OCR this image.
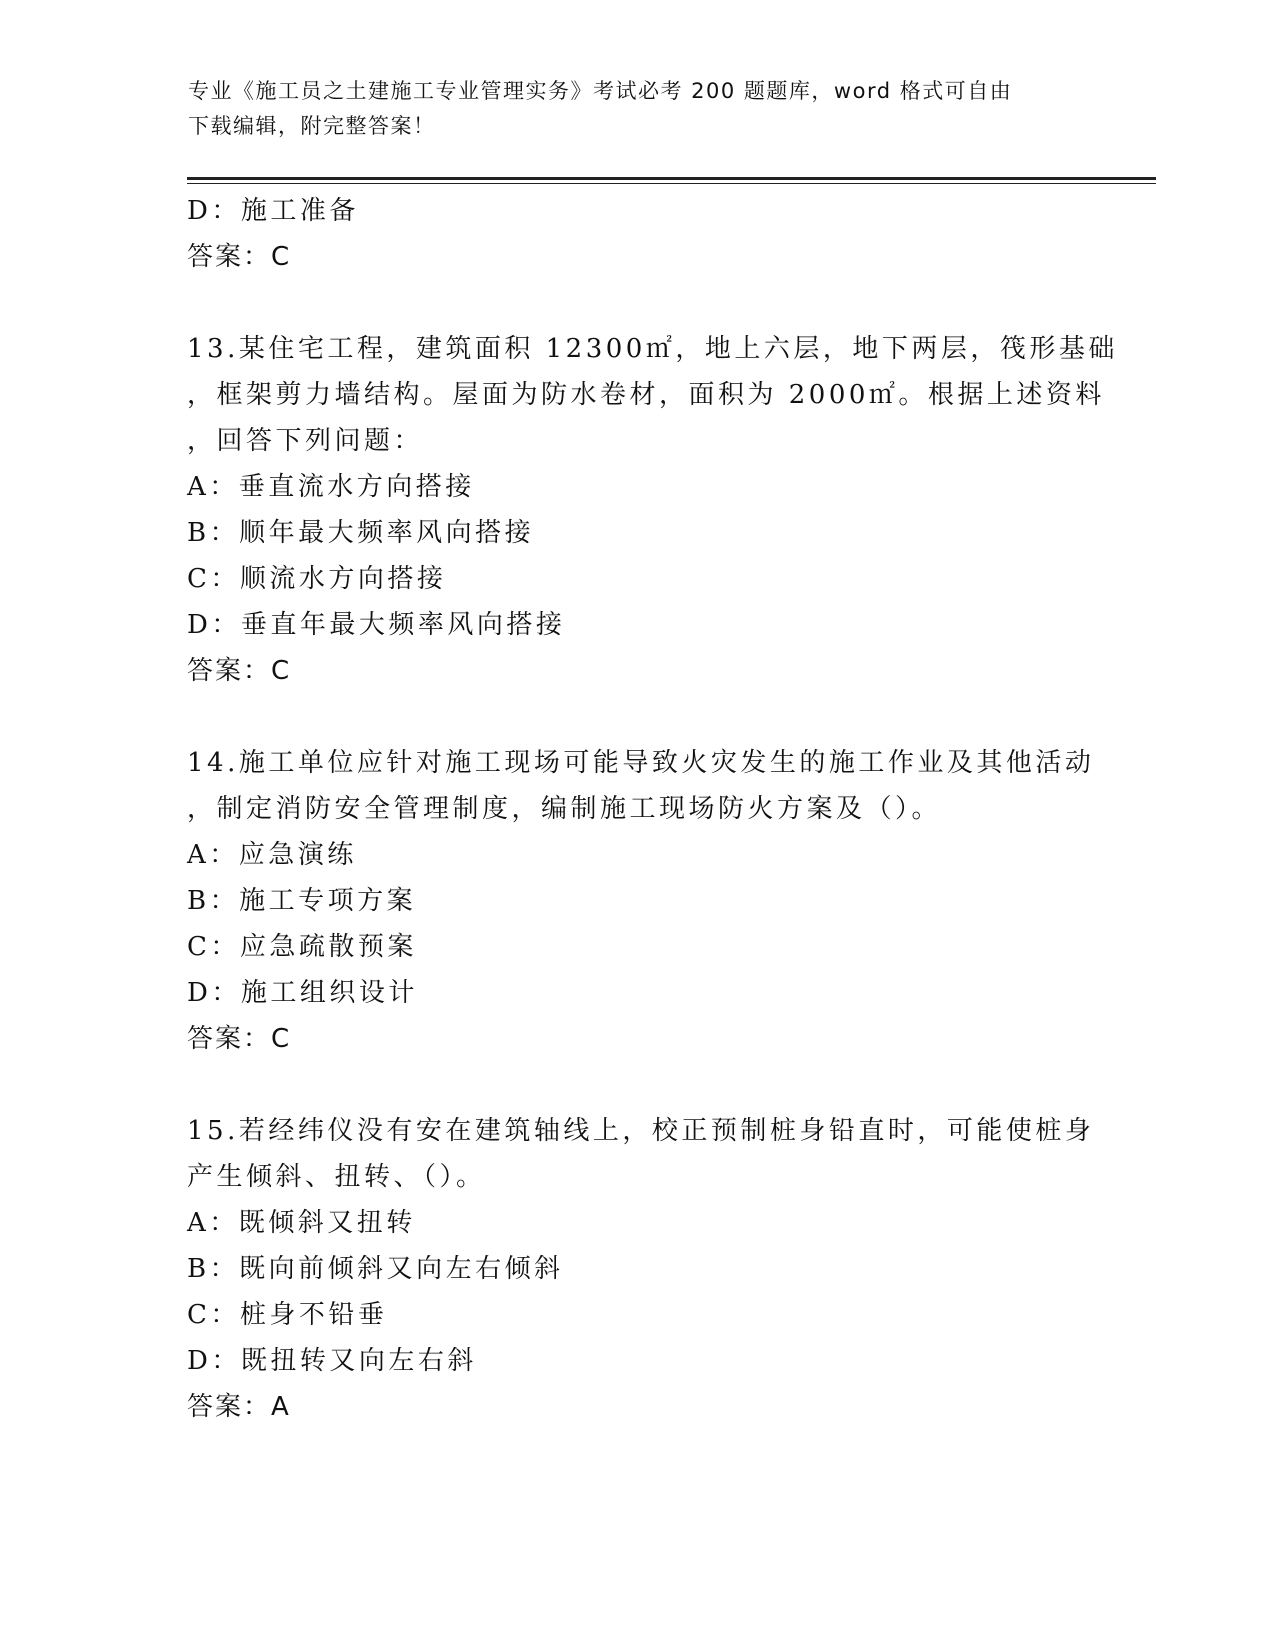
专业《施工员之土建施工专业管理实务》考试必考 200 题题库，word 格式可自由
下载编辑，附完整答案！
D：施工准备
答案：C
13.某住宅工程，建筑面积 12300㎡，地上六层，地下两层，筏形基础
，框架剪力墙结构。屋面为防水卷材，面积为 2000㎡。根据上述资料
，回答下列问题：
A：垂直流水方向搭接
B：顺年最大频率风向搭接
C：顺流水方向搭接
D：垂直年最大频率风向搭接
答案：C
14.施工单位应针对施工现场可能导致火灾发生的施工作业及其他活动
，制定消防安全管理制度，编制施工现场防火方案及（）。
A：应急演练
B：施工专项方案
C：应急疏散预案
D：施工组织设计
答案：C
15.若经纬仪没有安在建筑轴线上，校正预制桩身铅直时，可能使桩身
产生倾斜、扭转、（）。
A：既倾斜又扭转
B：既向前倾斜又向左右倾斜
C：桩身不铅垂
D：既扭转又向左右斜
答案：A
